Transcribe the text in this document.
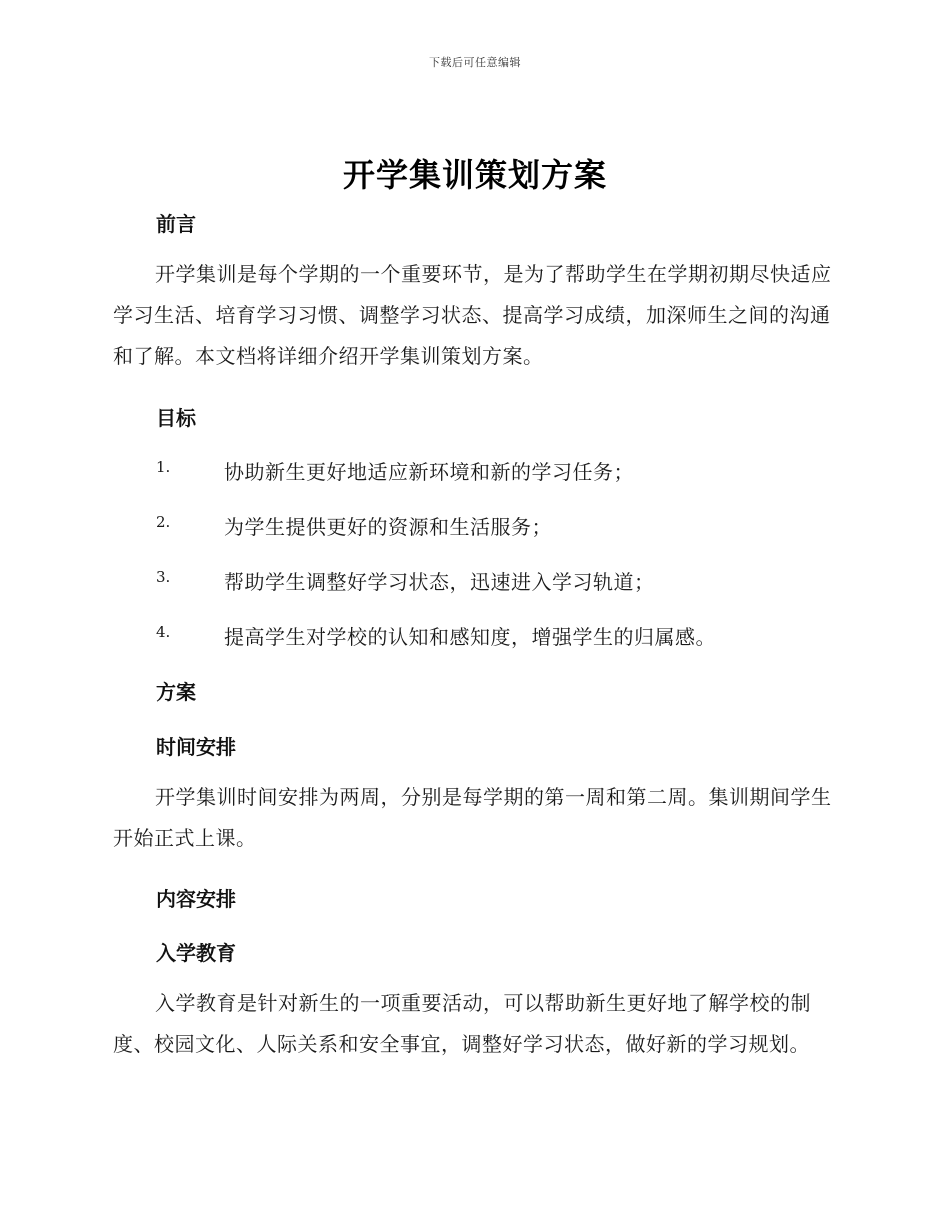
下载后可任意编辑
开学集训策划方案
前言
开学集训是每个学期的一个重要环节，是为了帮助学生在学期初期尽快适应学习生活、培育学习习惯、调整学习状态、提高学习成绩，加深师生之间的沟通和了解。本文档将详细介绍开学集训策划方案。
目标
1.	协助新生更好地适应新环境和新的学习任务；
2.	为学生提供更好的资源和生活服务；
3.	帮助学生调整好学习状态，迅速进入学习轨道；
4.	提高学生对学校的认知和感知度，增强学生的归属感。
方案
时间安排
开学集训时间安排为两周，分别是每学期的第一周和第二周。集训期间学生开始正式上课。
内容安排
入学教育
入学教育是针对新生的一项重要活动，可以帮助新生更好地了解学校的制度、校园文化、人际关系和安全事宜，调整好学习状态，做好新的学习规划。
